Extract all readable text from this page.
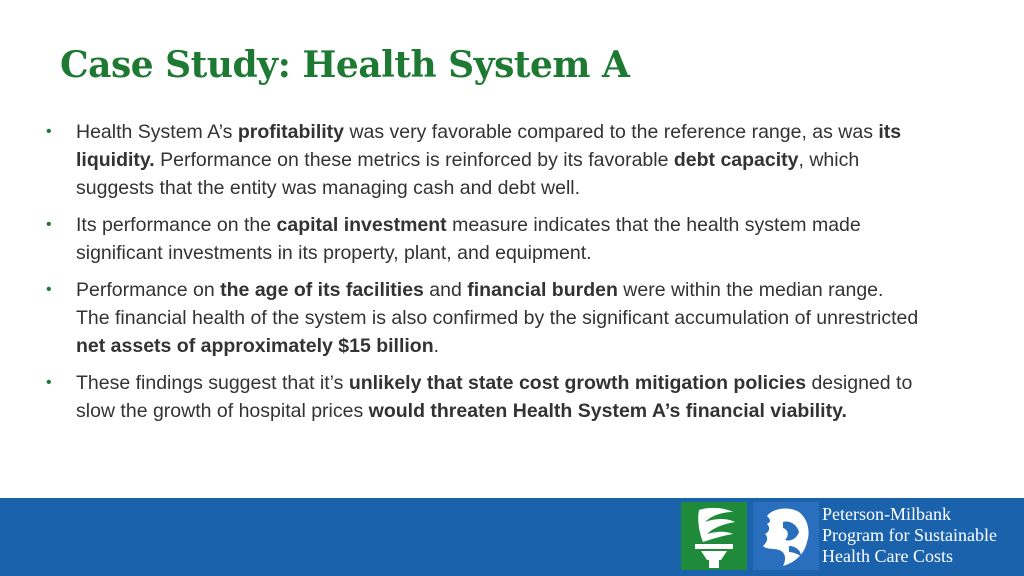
Case Study: Health System A
• Health System A’s profitability was very favorable compared to the reference range, as was its liquidity. Performance on these metrics is reinforced by its favorable debt capacity, which suggests that the entity was managing cash and debt well.
• Its performance on the capital investment measure indicates that the health system made significant investments in its property, plant, and equipment.
• Performance on the age of its facilities and financial burden were within the median range. The financial health of the system is also confirmed by the significant accumulation of unrestricted net assets of approximately $15 billion.
• These findings suggest that it’s unlikely that state cost growth mitigation policies designed to slow the growth of hospital prices would threaten Health System A’s financial viability.
Peterson-Milbank
Program for Sustainable
Health Care Costs
